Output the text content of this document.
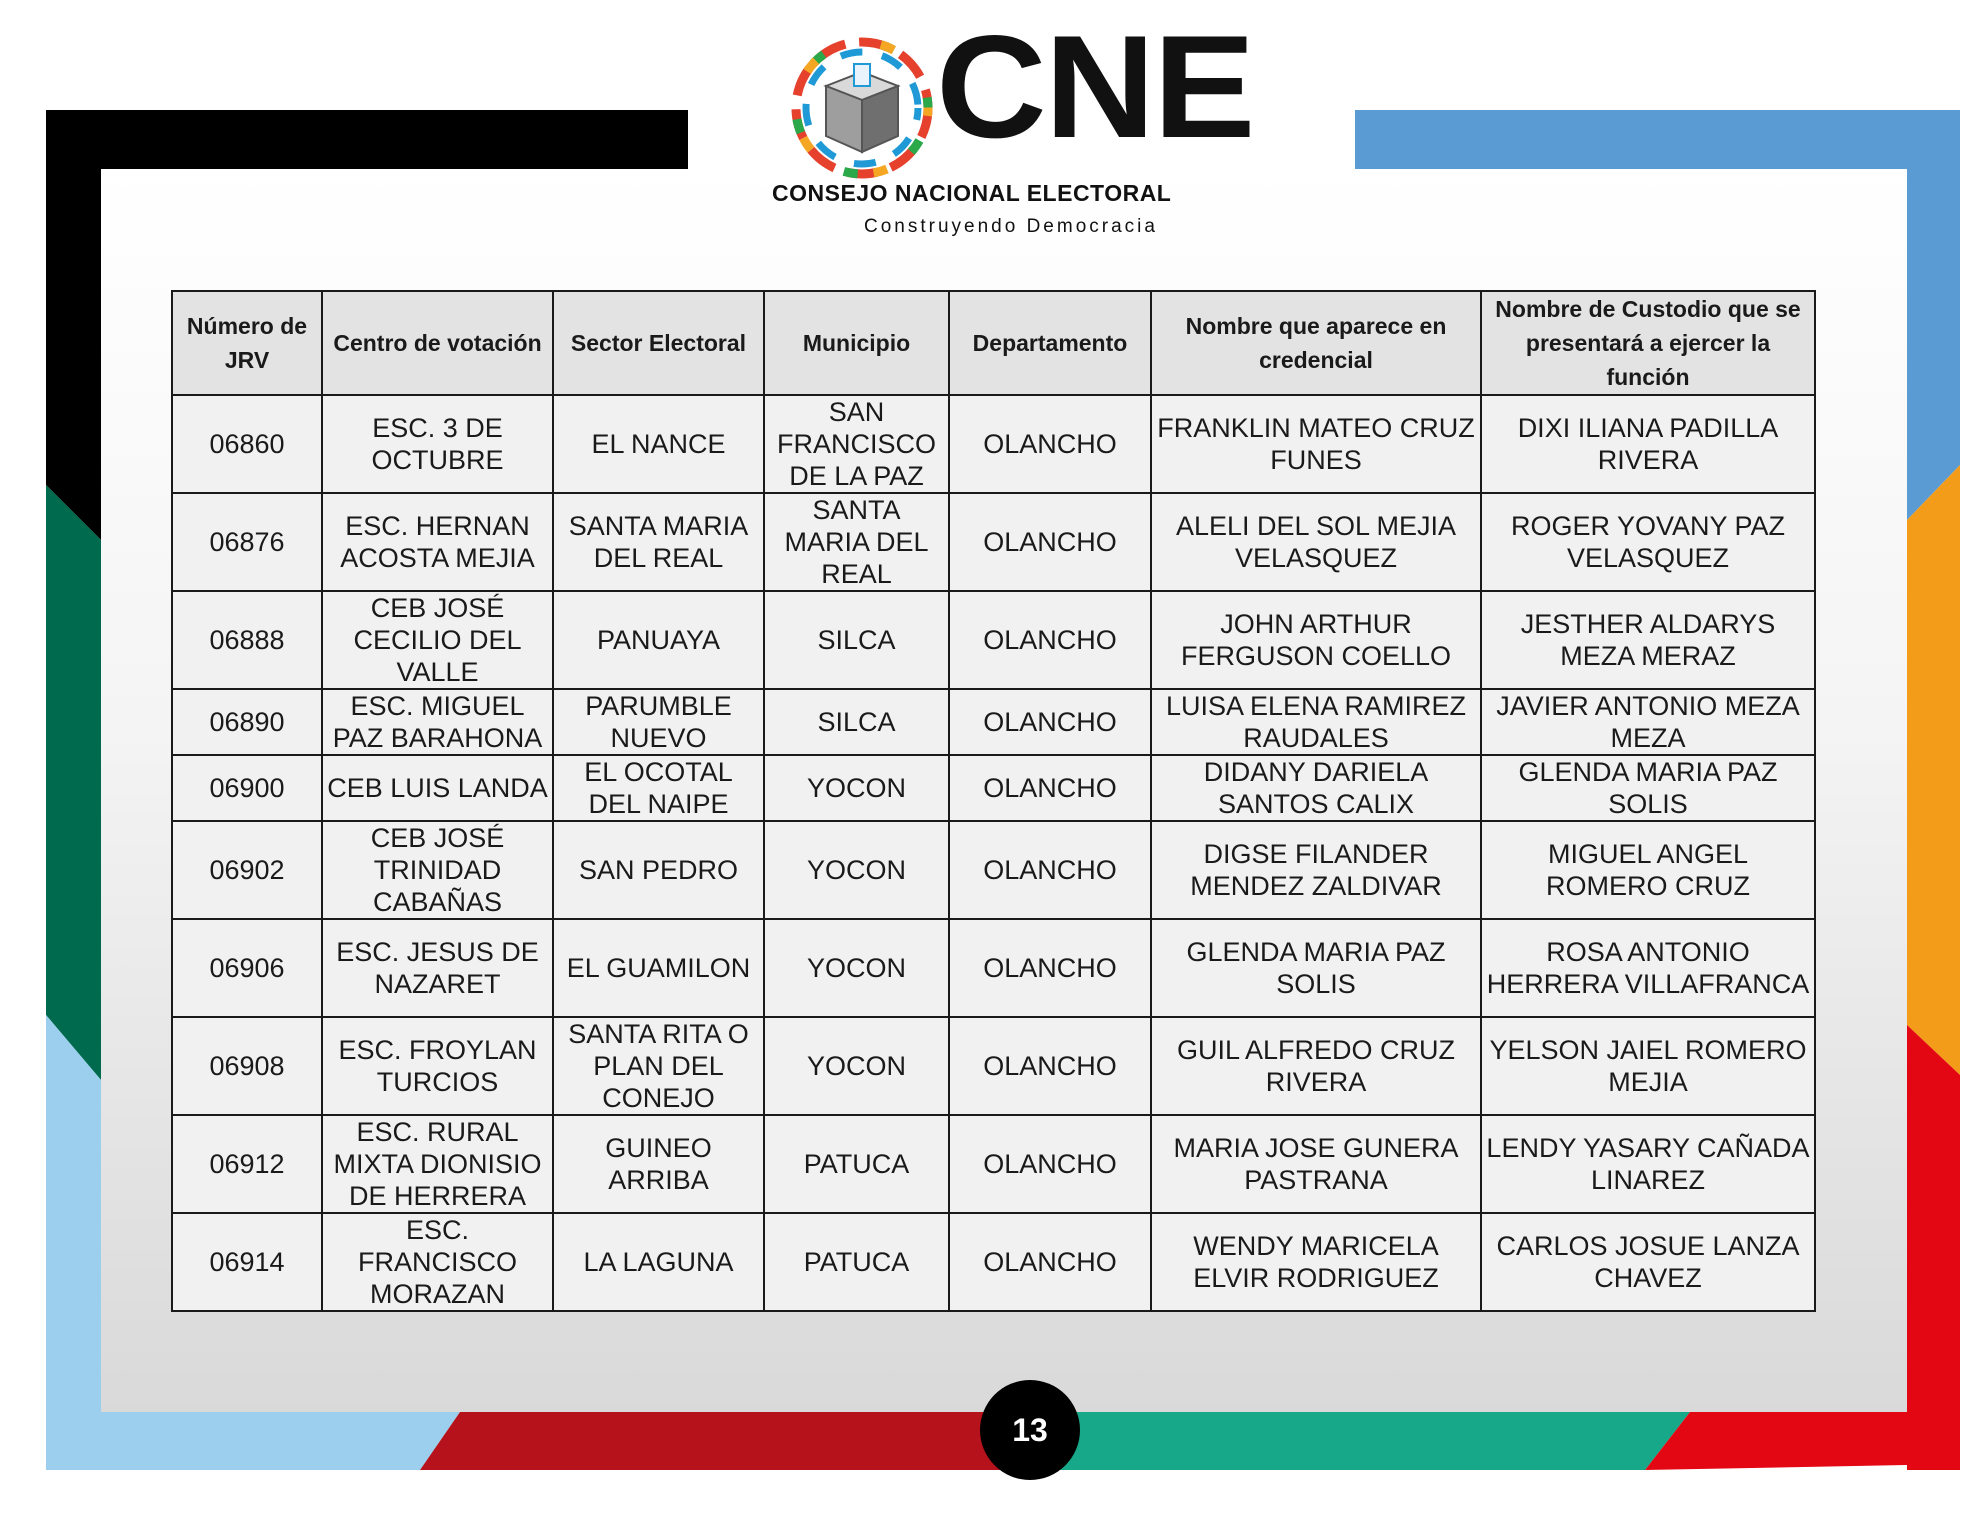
CNE
CONSEJO NACIONAL ELECTORAL
Construyendo Democracia
Número de JRV	Centro de votación	Sector Electoral	Municipio	Departamento	Nombre que aparece en credencial	Nombre de Custodio que se presentará a ejercer la función
06860	ESC. 3 DE OCTUBRE	EL NANCE	SAN FRANCISCO DE LA PAZ	OLANCHO	FRANKLIN MATEO CRUZ FUNES	DIXI ILIANA PADILLA RIVERA
06876	ESC. HERNAN ACOSTA MEJIA	SANTA MARIA DEL REAL	SANTA MARIA DEL REAL	OLANCHO	ALELI DEL SOL MEJIA VELASQUEZ	ROGER YOVANY PAZ VELASQUEZ
06888	CEB JOSÉ CECILIO DEL VALLE	PANUAYA	SILCA	OLANCHO	JOHN ARTHUR FERGUSON COELLO	JESTHER ALDARYS MEZA MERAZ
06890	ESC. MIGUEL PAZ BARAHONA	PARUMBLE NUEVO	SILCA	OLANCHO	LUISA ELENA RAMIREZ RAUDALES	JAVIER ANTONIO MEZA MEZA
06900	CEB LUIS LANDA	EL OCOTAL DEL NAIPE	YOCON	OLANCHO	DIDANY DARIELA SANTOS CALIX	GLENDA MARIA PAZ SOLIS
06902	CEB JOSÉ TRINIDAD CABAÑAS	SAN PEDRO	YOCON	OLANCHO	DIGSE FILANDER MENDEZ ZALDIVAR	MIGUEL ANGEL ROMERO CRUZ
06906	ESC. JESUS DE NAZARET	EL GUAMILON	YOCON	OLANCHO	GLENDA MARIA PAZ SOLIS	ROSA ANTONIO HERRERA VILLAFRANCA
06908	ESC. FROYLAN TURCIOS	SANTA RITA O PLAN DEL CONEJO	YOCON	OLANCHO	GUIL ALFREDO CRUZ RIVERA	YELSON JAIEL ROMERO MEJIA
06912	ESC. RURAL MIXTA DIONISIO DE HERRERA	GUINEO ARRIBA	PATUCA	OLANCHO	MARIA JOSE GUNERA PASTRANA	LENDY YASARY CAÑADA LINAREZ
06914	ESC. FRANCISCO MORAZAN	LA LAGUNA	PATUCA	OLANCHO	WENDY MARICELA ELVIR RODRIGUEZ	CARLOS JOSUE LANZA CHAVEZ
13
